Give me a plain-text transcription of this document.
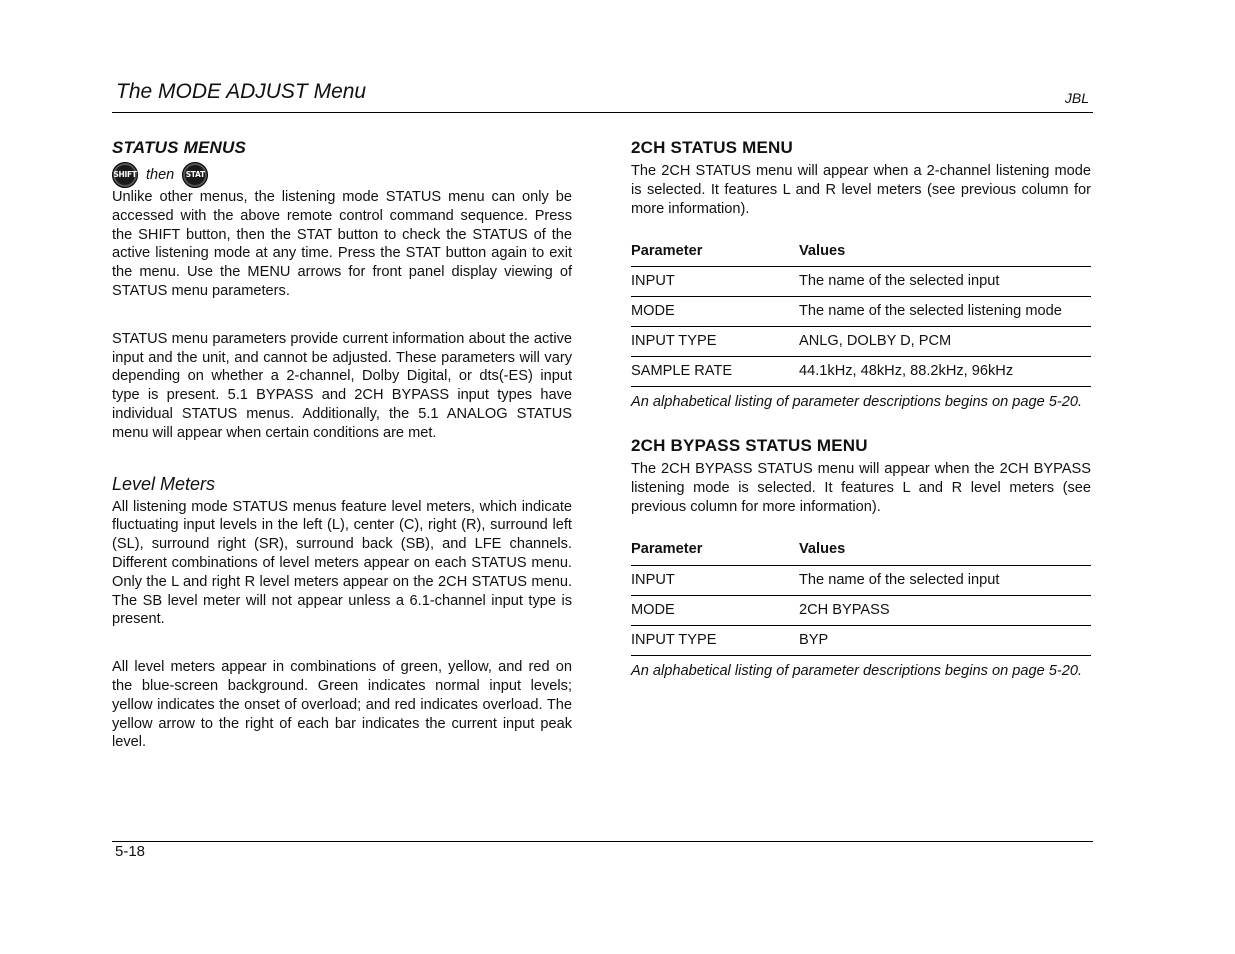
The MODE ADJUST Menu	JBL
STATUS MENUS
SHIFT then	STAT

Unlike other menus, the listening mode STATUS menu can only be accessed with the above remote control command sequence. Press the SHIFT button, then the STAT button to check the STATUS of the active listening mode at any time. Press the STAT button again to exit the menu. Use the MENU arrows for front panel display viewing of STATUS menu parameters.

STATUS menu parameters provide current information about the active input and the unit, and cannot be adjusted. These parameters will vary depending on whether a 2-channel, Dolby Digital, or dts(-ES) input type is present. 5.1 BYPASS and 2CH BYPASS input types have individual STATUS menus. Additionally, the 5.1 ANALOG STATUS menu will appear when certain conditions are met.

Level Meters

All listening mode STATUS menus feature level meters, which indicate fluctuating input levels in the left (L), center (C), right (R), surround left (SL), surround right (SR), surround back (SB), and LFE channels. Different combinations of level meters appear on each STATUS menu. Only the L and right R level meters appear on the 2CH STATUS menu. The SB level meter will not appear unless a 6.1-channel input type is present.

All level meters appear in combinations of green, yellow, and red on the blue-screen background. Green indicates normal input levels; yellow indicates the onset of overload; and red indicates overload. The yellow arrow to the right of each bar indicates the current input peak level.

2CH STATUS MENU

The 2CH STATUS menu will appear when a 2-channel listening mode is selected. It features L and R level meters (see previous column for more information).

Parameter	Values
INPUT	The name of the selected input
MODE	The name of the selected listening mode
INPUT TYPE	ANLG, DOLBY D, PCM
SAMPLE RATE	44.1kHz, 48kHz, 88.2kHz, 96kHz
An alphabetical listing of parameter descriptions begins on page 5-20.
2CH BYPASS STATUS MENU

The 2CH BYPASS STATUS menu will appear when the 2CH BYPASS listening mode is selected. It features L and R level meters (see previous column for more information).

Parameter	Values
INPUT	The name of the selected input
MODE	2CH BYPASS
INPUT TYPE	BYP
An alphabetical listing of parameter descriptions begins on page 5-20.
5-18
